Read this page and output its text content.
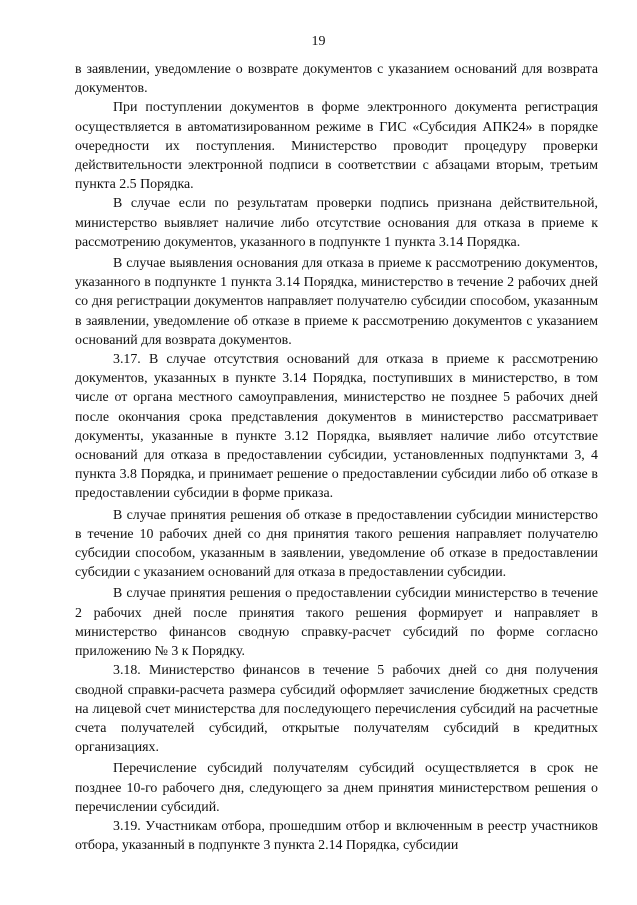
19

в заявлении, уведомление о возврате документов с указанием оснований для возврата документов.

При поступлении документов в форме электронного документа регистрация осуществляется в автоматизированном режиме в ГИС «Субсидия АПК24» в порядке очередности их поступления. Министерство проводит процедуру проверки действительности электронной подписи в соответствии с абзацами вторым, третьим пункта 2.5 Порядка.

В случае если по результатам проверки подпись признана действительной, министерство выявляет наличие либо отсутствие основания для отказа в приеме к рассмотрению документов, указанного в подпункте 1 пункта 3.14 Порядка.

В случае выявления основания для отказа в приеме к рассмотрению документов, указанного в подпункте 1 пункта 3.14 Порядка, министерство в течение 2 рабочих дней со дня регистрации документов направляет получателю субсидии способом, указанным в заявлении, уведомление об отказе в приеме к рассмотрению документов с указанием оснований для возврата документов.

3.17. В случае отсутствия оснований для отказа в приеме к рассмотрению документов, указанных в пункте 3.14 Порядка, поступивших в министерство, в том числе от органа местного самоуправления, министерство не позднее 5 рабочих дней после окончания срока представления документов в министерство рассматривает документы, указанные в пункте 3.12 Порядка, выявляет наличие либо отсутствие оснований для отказа в предоставлении субсидии, установленных подпунктами 3, 4 пункта 3.8 Порядка, и принимает решение о предоставлении субсидии либо об отказе в предоставлении субсидии в форме приказа.

В случае принятия решения об отказе в предоставлении субсидии министерство в течение 10 рабочих дней со дня принятия такого решения направляет получателю субсидии способом, указанным в заявлении, уведомление об отказе в предоставлении субсидии с указанием оснований для отказа в предоставлении субсидии.

В случае принятия решения о предоставлении субсидии министерство в течение 2 рабочих дней после принятия такого решения формирует и направляет в министерство финансов сводную справку-расчет субсидий по форме согласно приложению № 3 к Порядку.

3.18. Министерство финансов в течение 5 рабочих дней со дня получения сводной справки-расчета размера субсидий оформляет зачисление бюджетных средств на лицевой счет министерства для последующего перечисления субсидий на расчетные счета получателей субсидий, открытые получателям субсидий в кредитных организациях.

Перечисление субсидий получателям субсидий осуществляется в срок не позднее 10-го рабочего дня, следующего за днем принятия министерством решения о перечислении субсидий.

3.19. Участникам отбора, прошедшим отбор и включенным в реестр участников отбора, указанный в подпункте 3 пункта 2.14 Порядка, субсидии
